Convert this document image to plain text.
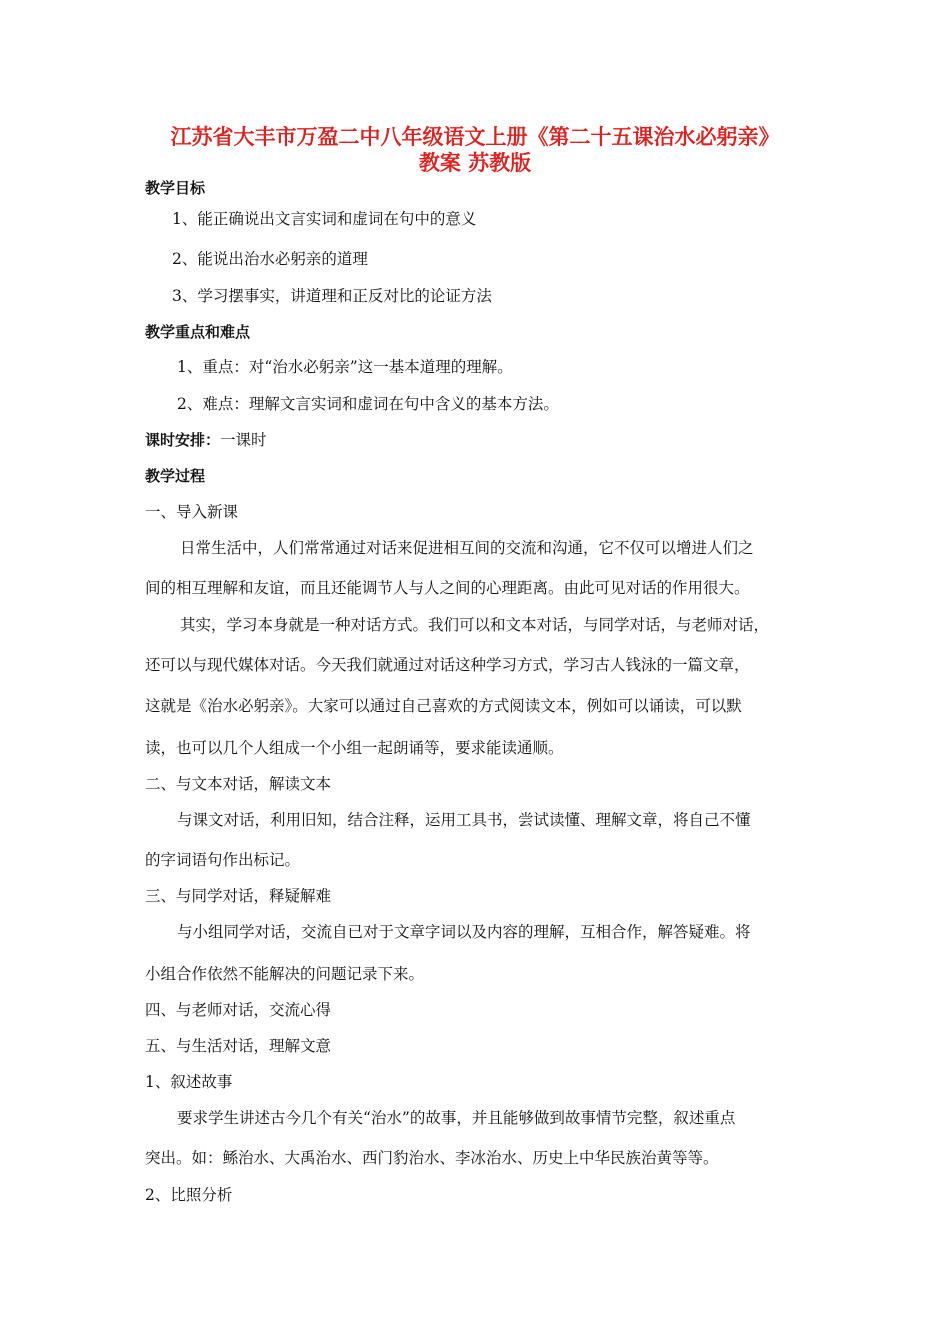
江苏省大丰市万盈二中八年级语文上册《第二十五课治水必躬亲》
教案 苏教版
教学目标
1、能正确说出文言实词和虚词在句中的意义
2、能说出治水必躬亲的道理
3、学习摆事实，讲道理和正反对比的论证方法
教学重点和难点
1、重点：对“治水必躬亲”这一基本道理的理解。
2、难点：理解文言实词和虚词在句中含义的基本方法。
课时安排：一课时
教学过程
一、导入新课
日常生活中，人们常常通过对话来促进相互间的交流和沟通，它不仅可以增进人们之
间的相互理解和友谊，而且还能调节人与人之间的心理距离。由此可见对话的作用很大。
其实，学习本身就是一种对话方式。我们可以和文本对话，与同学对话，与老师对话，
还可以与现代媒体对话。今天我们就通过对话这种学习方式，学习古人钱泳的一篇文章，
这就是《治水必躬亲》。大家可以通过自己喜欢的方式阅读文本，例如可以诵读，可以默
读，也可以几个人组成一个小组一起朗诵等，要求能读通顺。
二、与文本对话，解读文本
与课文对话，利用旧知，结合注释，运用工具书，尝试读懂、理解文章，将自己不懂
的字词语句作出标记。
三、与同学对话，释疑解难
与小组同学对话，交流自已对于文章字词以及内容的理解，互相合作，解答疑难。将
小组合作依然不能解决的问题记录下来。
四、与老师对话，交流心得
五、与生活对话，理解文意
1、叙述故事
要求学生讲述古今几个有关“治水”的故事，并且能够做到故事情节完整，叙述重点
突出。如：鲧治水、大禹治水、西门豹治水、李冰治水、历史上中华民族治黄等等。
2、比照分析
